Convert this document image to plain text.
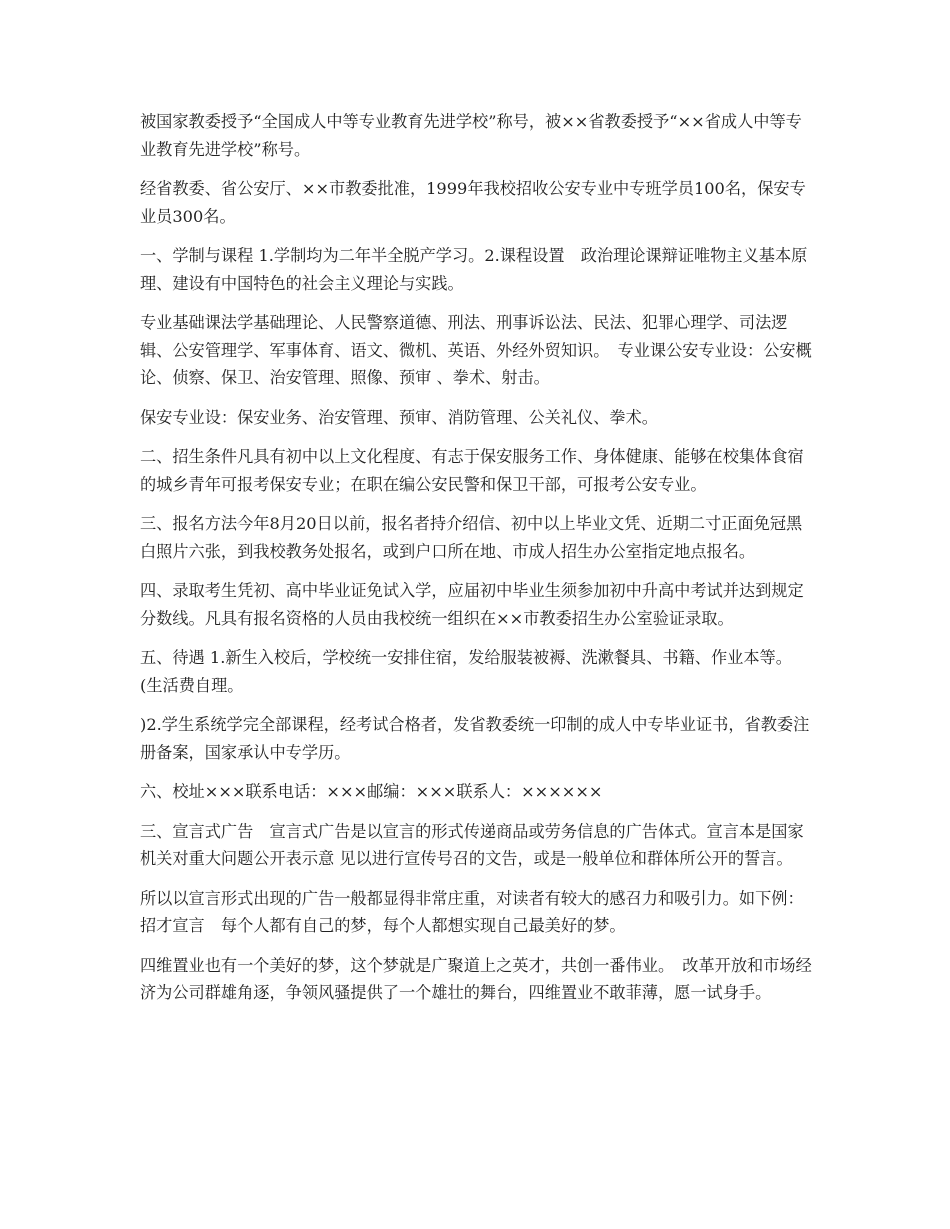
被国家教委授予“全国成人中等专业教育先进学校”称号，被××省教委授予“××省成人中等专业教育先进学校”称号。

经省教委、省公安厅、××市教委批准，1999年我校招收公安专业中专班学员100名，保安专业员300名。

一、学制与课程 1.学制均为二年半全脱产学习。2.课程设置　政治理论课辩证唯物主义基本原理、建设有中国特色的社会主义理论与实践。

专业基础课法学基础理论、人民警察道德、刑法、刑事诉讼法、民法、犯罪心理学、司法逻辑、公安管理学、军事体育、语文、微机、英语、外经外贸知识。　专业课公安专业设：公安概论、侦察、保卫、治安管理、照像、预审 、拳术、射击。

保安专业设：保安业务、治安管理、预审、消防管理、公关礼仪、拳术。

二、招生条件凡具有初中以上文化程度、有志于保安服务工作、身体健康、能够在校集体食宿的城乡青年可报考保安专业；在职在编公安民警和保卫干部，可报考公安专业。

三、报名方法今年8月20日以前，报名者持介绍信、初中以上毕业文凭、近期二寸正面免冠黑白照片六张，到我校教务处报名，或到户口所在地、市成人招生办公室指定地点报名。

四、录取考生凭初、高中毕业证免试入学，应届初中毕业生须参加初中升高中考试并达到规定分数线。凡具有报名资格的人员由我校统一组织在××市教委招生办公室验证录取。

五、待遇 1.新生入校后，学校统一安排住宿，发给服装被褥、洗漱餐具、书籍、作业本等。(生活费自理。

)2.学生系统学完全部课程，经考试合格者，发省教委统一印制的成人中专毕业证书，省教委注册备案，国家承认中专学历。

六、校址×××联系电话：×××邮编：×××联系人：××××××

三、宣言式广告　宣言式广告是以宣言的形式传递商品或劳务信息的广告体式。宣言本是国家机关对重大问题公开表示意 见以进行宣传号召的文告，或是一般单位和群体所公开的誓言。

所以以宣言形式出现的广告一般都显得非常庄重，对读者有较大的感召力和吸引力。如下例：招才宣言　每个人都有自己的梦，每个人都想实现自己最美好的梦。

四维置业也有一个美好的梦，这个梦就是广聚道上之英才，共创一番伟业。　改革开放和市场经济为公司群雄角逐，争领风骚提供了一个雄壮的舞台，四维置业不敢菲薄，愿一试身手。
